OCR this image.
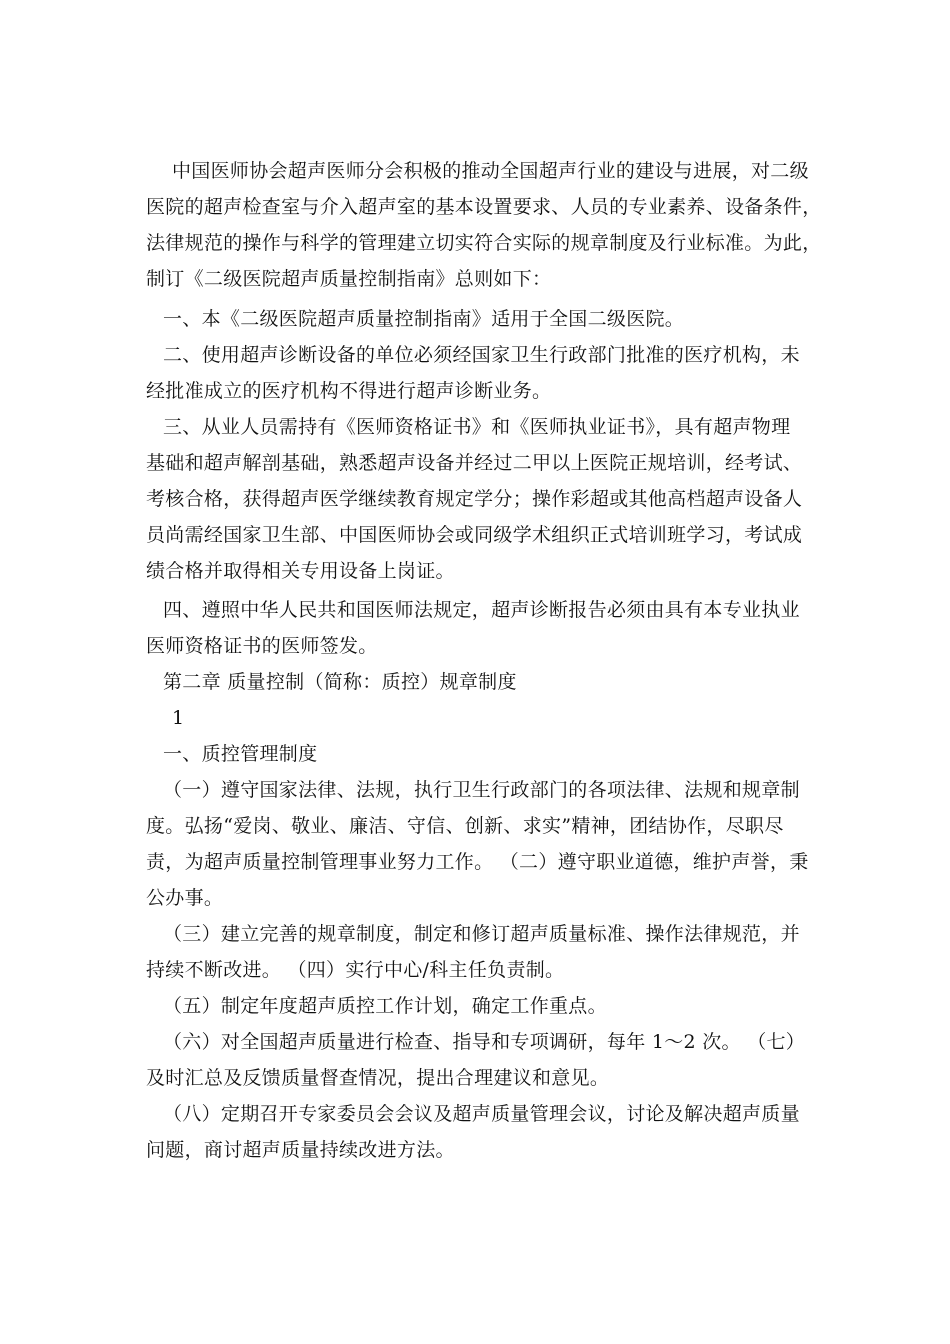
中国医师协会超声医师分会积极的推动全国超声行业的建设与进展，对二级
医院的超声检查室与介入超声室的基本设置要求、人员的专业素养、设备条件，
法律规范的操作与科学的管理建立切实符合实际的规章制度及行业标准。为此，
制订《二级医院超声质量控制指南》总则如下：
一、本《二级医院超声质量控制指南》适用于全国二级医院。
二、使用超声诊断设备的单位必须经国家卫生行政部门批准的医疗机构，未
经批准成立的医疗机构不得进行超声诊断业务。
三、从业人员需持有《医师资格证书》和《医师执业证书》，具有超声物理
基础和超声解剖基础，熟悉超声设备并经过二甲以上医院正规培训，经考试、
考核合格，获得超声医学继续教育规定学分；操作彩超或其他高档超声设备人
员尚需经国家卫生部、中国医师协会或同级学术组织正式培训班学习，考试成
绩合格并取得相关专用设备上岗证。
四、遵照中华人民共和国医师法规定，超声诊断报告必须由具有本专业执业
医师资格证书的医师签发。
第二章 质量控制（简称：质控）规章制度
1
一、质控管理制度
（一）遵守国家法律、法规，执行卫生行政部门的各项法律、法规和规章制
度。弘扬“爱岗、敬业、廉洁、守信、创新、求实”精神，团结协作，尽职尽
责，为超声质量控制管理事业努力工作。 （二）遵守职业道德，维护声誉，秉
公办事。
（三）建立完善的规章制度，制定和修订超声质量标准、操作法律规范，并
持续不断改进。 （四）实行中心/科主任负责制。
（五）制定年度超声质控工作计划，确定工作重点。
（六）对全国超声质量进行检查、指导和专项调研，每年 1～2 次。 （七）
及时汇总及反馈质量督查情况，提出合理建议和意见。
（八）定期召开专家委员会会议及超声质量管理会议，讨论及解决超声质量
问题，商讨超声质量持续改进方法。
